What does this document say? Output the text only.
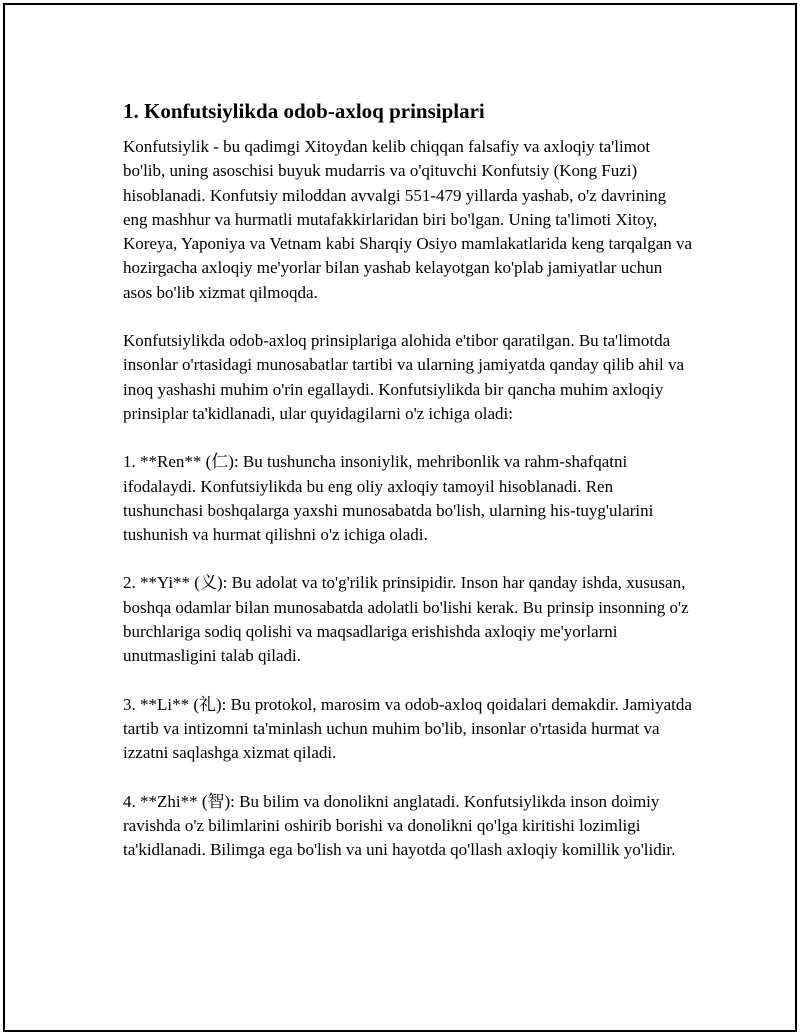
1. Konfutsiylikda odob-axloq prinsiplari

Konfutsiylik - bu qadimgi Xitoydan kelib chiqqan falsafiy va axloqiy ta'limot bo'lib, uning asoschisi buyuk mudarris va o'qituvchi Konfutsiy (Kong Fuzi) hisoblanadi. Konfutsiy miloddan avvalgi 551-479 yillarda yashab, o'z davrining eng mashhur va hurmatli mutafakkirlaridan biri bo'lgan. Uning ta'limoti Xitoy, Koreya, Yaponiya va Vetnam kabi Sharqiy Osiyo mamlakatlarida keng tarqalgan va hozirgacha axloqiy me'yorlar bilan yashab kelayotgan ko'plab jamiyatlar uchun asos bo'lib xizmat qilmoqda.

Konfutsiylikda odob-axloq prinsiplariga alohida e'tibor qaratilgan. Bu ta'limotda insonlar o'rtasidagi munosabatlar tartibi va ularning jamiyatda qanday qilib ahil va inoq yashashi muhim o'rin egallaydi. Konfutsiylikda bir qancha muhim axloqiy prinsiplar ta'kidlanadi, ular quyidagilarni o'z ichiga oladi:

1. **Ren** (仁): Bu tushuncha insoniylik, mehribonlik va rahm-shafqatni ifodalaydi. Konfutsiylikda bu eng oliy axloqiy tamoyil hisoblanadi. Ren tushunchasi boshqalarga yaxshi munosabatda bo'lish, ularning his-tuyg'ularini tushunish va hurmat qilishni o'z ichiga oladi.

2. **Yi** (义): Bu adolat va to'g'rilik prinsipidir. Inson har qanday ishda, xususan, boshqa odamlar bilan munosabatda adolatli bo'lishi kerak. Bu prinsip insonning o'z burchlariga sodiq qolishi va maqsadlariga erishishda axloqiy me'yorlarni unutmasligini talab qiladi.

3. **Li** (礼): Bu protokol, marosim va odob-axloq qoidalari demakdir. Jamiyatda tartib va intizomni ta'minlash uchun muhim bo'lib, insonlar o'rtasida hurmat va izzatni saqlashga xizmat qiladi.

4. **Zhi** (智): Bu bilim va donolikni anglatadi. Konfutsiylikda inson doimiy ravishda o'z bilimlarini oshirib borishi va donolikni qo'lga kiritishi lozimligi ta'kidlanadi. Bilimga ega bo'lish va uni hayotda qo'llash axloqiy komillik yo'lidir.
